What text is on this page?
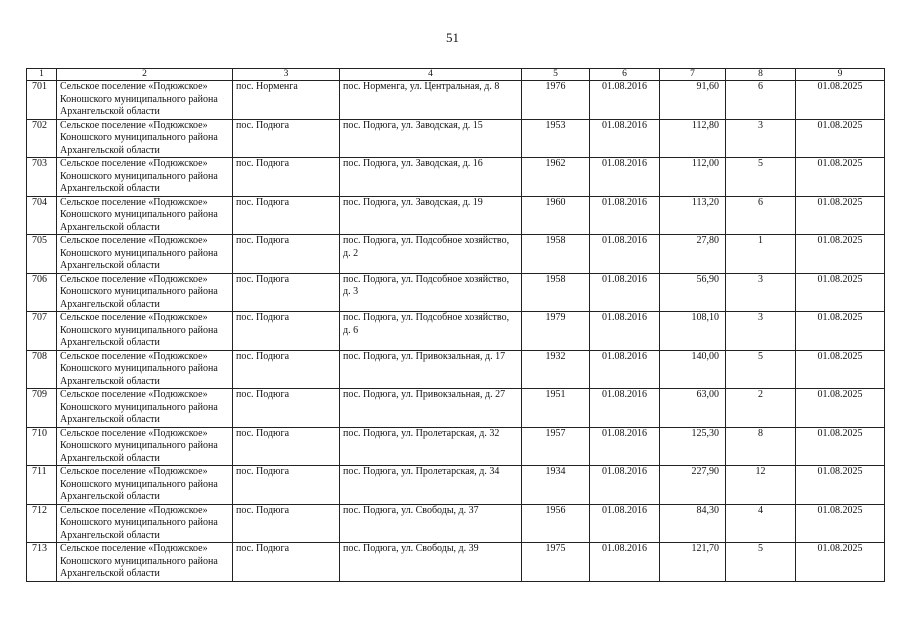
51
1	2	3	4	5	6	7	8	9
701	Сельское поселение «Подюжское» Коношского муниципального района Архангельской области	пос. Норменга	пос. Норменга, ул. Центральная, д. 8	1976	01.08.2016	91,60	6	01.08.2025
702	Сельское поселение «Подюжское» Коношского муниципального района Архангельской области	пос. Подюга	пос. Подюга, ул. Заводская, д. 15	1953	01.08.2016	112,80	3	01.08.2025
703	Сельское поселение «Подюжское» Коношского муниципального района Архангельской области	пос. Подюга	пос. Подюга, ул. Заводская, д. 16	1962	01.08.2016	112,00	5	01.08.2025
704	Сельское поселение «Подюжское» Коношского муниципального района Архангельской области	пос. Подюга	пос. Подюга, ул. Заводская, д. 19	1960	01.08.2016	113,20	6	01.08.2025
705	Сельское поселение «Подюжское» Коношского муниципального района Архангельской области	пос. Подюга	пос. Подюга, ул. Подсобное хозяйство, д. 2	1958	01.08.2016	27,80	1	01.08.2025
706	Сельское поселение «Подюжское» Коношского муниципального района Архангельской области	пос. Подюга	пос. Подюга, ул. Подсобное хозяйство, д. 3	1958	01.08.2016	56,90	3	01.08.2025
707	Сельское поселение «Подюжское» Коношского муниципального района Архангельской области	пос. Подюга	пос. Подюга, ул. Подсобное хозяйство, д. 6	1979	01.08.2016	108,10	3	01.08.2025
708	Сельское поселение «Подюжское» Коношского муниципального района Архангельской области	пос. Подюга	пос. Подюга, ул. Привокзальная, д. 17	1932	01.08.2016	140,00	5	01.08.2025
709	Сельское поселение «Подюжское» Коношского муниципального района Архангельской области	пос. Подюга	пос. Подюга, ул. Привокзальная, д. 27	1951	01.08.2016	63,00	2	01.08.2025
710	Сельское поселение «Подюжское» Коношского муниципального района Архангельской области	пос. Подюга	пос. Подюга, ул. Пролетарская, д. 32	1957	01.08.2016	125,30	8	01.08.2025
711	Сельское поселение «Подюжское» Коношского муниципального района Архангельской области	пос. Подюга	пос. Подюга, ул. Пролетарская, д. 34	1934	01.08.2016	227,90	12	01.08.2025
712	Сельское поселение «Подюжское» Коношского муниципального района Архангельской области	пос. Подюга	пос. Подюга, ул. Свободы, д. 37	1956	01.08.2016	84,30	4	01.08.2025
713	Сельское поселение «Подюжское» Коношского муниципального района Архангельской области	пос. Подюга	пос. Подюга, ул. Свободы, д. 39	1975	01.08.2016	121,70	5	01.08.2025
